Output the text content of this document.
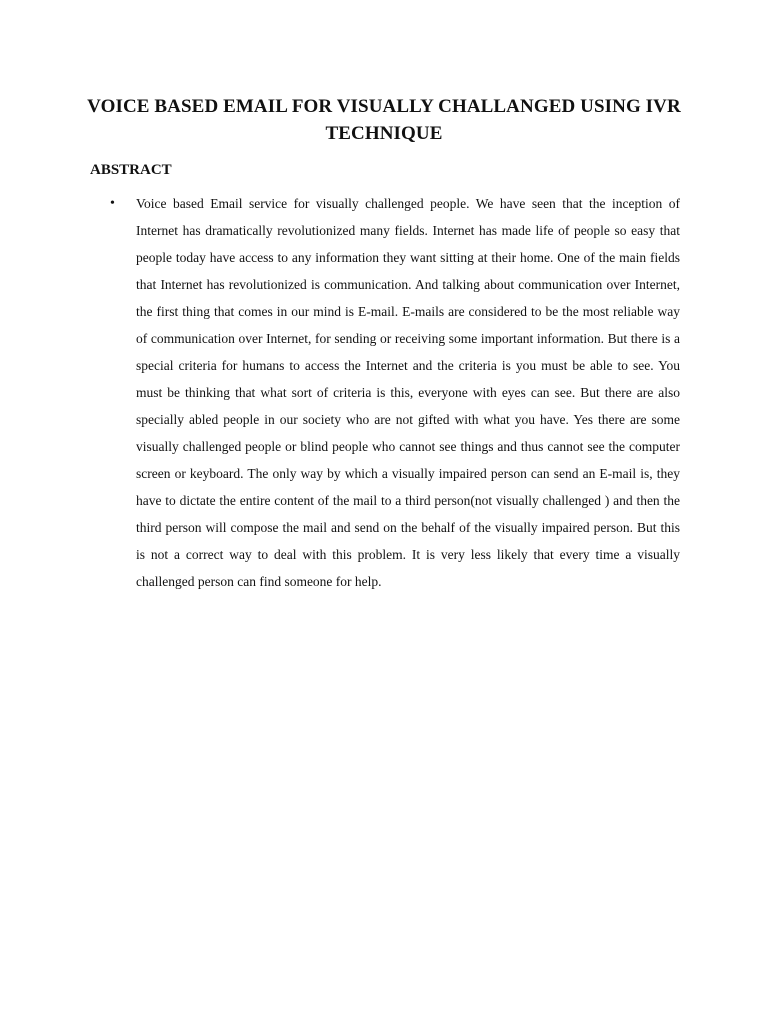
VOICE BASED EMAIL FOR VISUALLY CHALLANGED USING IVR TECHNIQUE
ABSTRACT
• Voice based Email service for visually challenged people. We have seen that the inception of Internet has dramatically revolutionized many fields. Internet has made life of people so easy that people today have access to any information they want sitting at their home. One of the main fields that Internet has revolutionized is communication. And talking about communication over Internet, the first thing that comes in our mind is E-mail. E-mails are considered to be the most reliable way of communication over Internet, for sending or receiving some important information. But there is a special criteria for humans to access the Internet and the criteria is you must be able to see. You must be thinking that what sort of criteria is this, everyone with eyes can see. But there are also specially abled people in our society who are not gifted with what you have. Yes there are some visually challenged people or blind people who cannot see things and thus cannot see the computer screen or keyboard. The only way by which a visually impaired person can send an E-mail is, they have to dictate the entire content of the mail to a third person(not visually challenged ) and then the third person will compose the mail and send on the behalf of the visually impaired person. But this is not a correct way to deal with this problem. It is very less likely that every time a visually challenged person can find someone for help.
